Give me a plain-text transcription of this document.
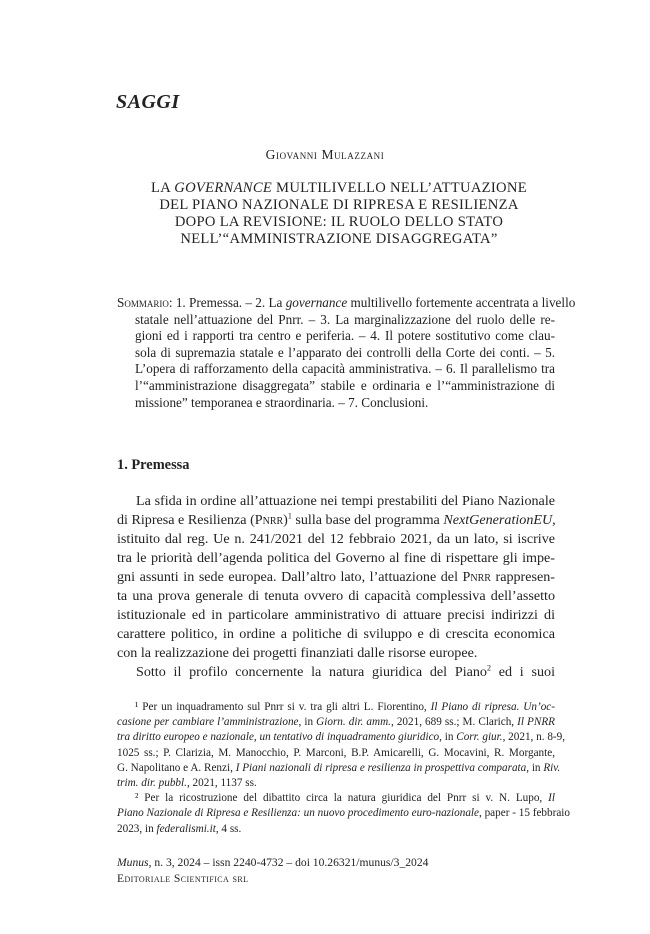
SAGGI
Giovanni Mulazzani
LA GOVERNANCE MULTILIVELLO NELL’ATTUAZIONE
DEL PIANO NAZIONALE DI RIPRESA E RESILIENZA
DOPO LA REVISIONE: IL RUOLO DELLO STATO
NELL’“AMMINISTRAZIONE DISAGGREGATA”
Sommario: 1. Premessa. – 2. La governance multilivello fortemente accentrata a livello
statale nell’attuazione del Pnrr. – 3. La marginalizzazione del ruolo delle re-
gioni ed i rapporti tra centro e periferia. – 4. Il potere sostitutivo come clau-
sola di supremazia statale e l’apparato dei controlli della Corte dei conti. – 5.
L’opera di rafforzamento della capacità amministrativa. – 6. Il parallelismo tra
l’“amministrazione disaggregata” stabile e ordinaria e l’“amministrazione di
missione” temporanea e straordinaria. – 7. Conclusioni.
1. Premessa
La sfida in ordine all’attuazione nei tempi prestabiliti del Piano Nazionale
di Ripresa e Resilienza (Pnrr)$^1$ sulla base del programma NextGenerationEU,
istituito dal reg. Ue n. 241/2021 del 12 febbraio 2021, da un lato, si iscrive
tra le priorità dell’agenda politica del Governo al fine di rispettare gli impe-
gni assunti in sede europea. Dall’altro lato, l’attuazione del Pnrr rappresen-
ta una prova generale di tenuta ovvero di capacità complessiva dell’assetto
istituzionale ed in particolare amministrativo di attuare precisi indirizzi di
carattere politico, in ordine a politiche di sviluppo e di crescita economica
con la realizzazione dei progetti finanziati dalle risorse europee.
Sotto il profilo concernente la natura giuridica del Piano$^2$ ed i suoi
¹ Per un inquadramento sul Pnrr si v. tra gli altri L. Fiorentino, Il Piano di ripresa. Un’oc-
casione per cambiare l’amministrazione, in Giorn. dir. amm., 2021, 689 ss.; M. Clarich, Il PNRR
tra diritto europeo e nazionale, un tentativo di inquadramento giuridico, in Corr. giur., 2021, n. 8-9,
1025 ss.; P. Clarizia, M. Manocchio, P. Marconi, B.P. Amicarelli, G. Mocavini, R. Morgante,
G. Napolitano e A. Renzi, I Piani nazionali di ripresa e resilienza in prospettiva comparata, in Riv.
trim. dir. pubbl., 2021, 1137 ss.
² Per la ricostruzione del dibattito circa la natura giuridica del Pnrr si v. N. Lupo, Il
Piano Nazionale di Ripresa e Resilienza: un nuovo procedimento euro-nazionale, paper - 15 febbraio
2023, in federalismi.it, 4 ss.
Munus, n. 3, 2024 – issn 2240-4732 – doi 10.26321/munus/3_2024
Editoriale Scientifica srl
